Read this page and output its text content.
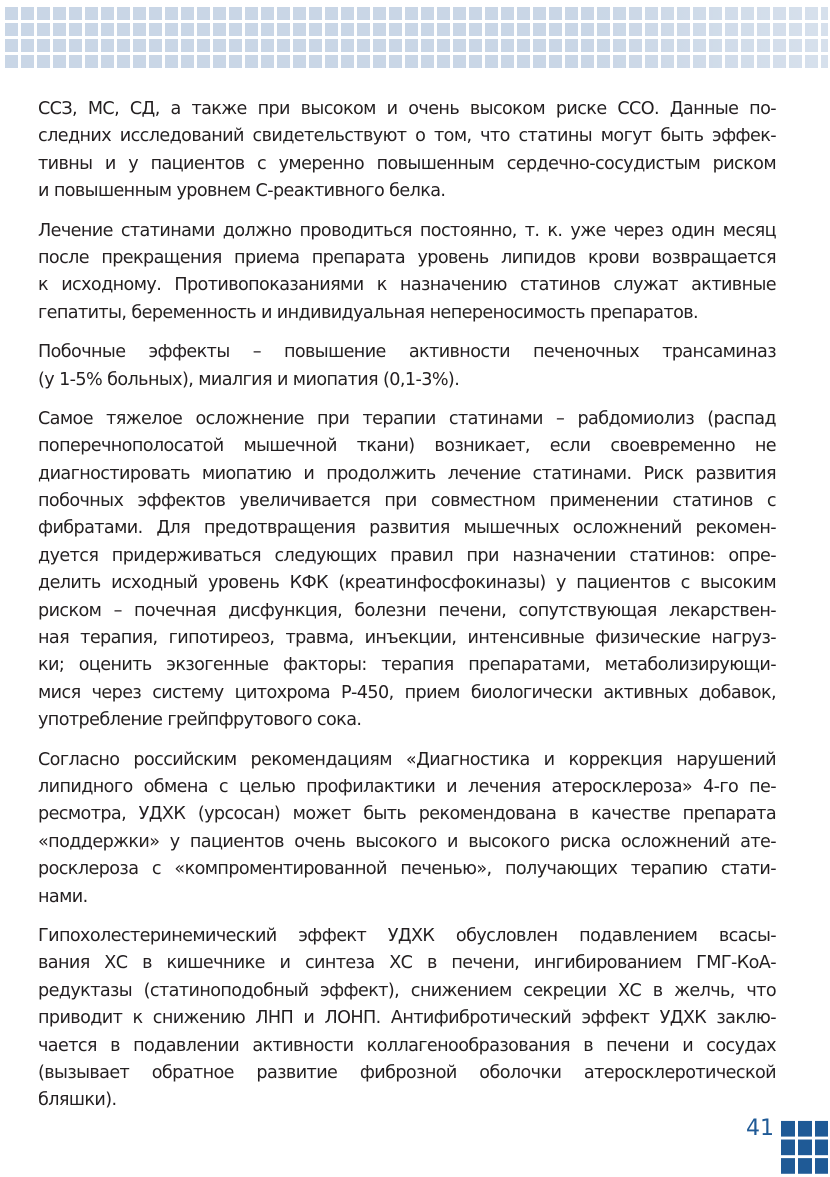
ССЗ, МС, СД, а также при высоком и очень высоком риске ССО. Данные по-
следних исследований свидетельствуют о том, что статины могут быть эффек-
тивны и у пациентов с умеренно повышенным сердечно-сосудистым риском
и повышенным уровнем С-реактивного белка.
Лечение статинами должно проводиться постоянно, т. к. уже через один месяц
после прекращения приема препарата уровень липидов крови возвращается
к исходному. Противопоказаниями к назначению статинов служат активные
гепатиты, беременность и индивидуальная непереносимость препаратов.
Побочные эффекты – повышение активности печеночных трансаминаз
(у 1-5% больных), миалгия и миопатия (0,1-3%).
Самое тяжелое осложнение при терапии статинами – рабдомиолиз (распад
поперечнополосатой мышечной ткани) возникает, если своевременно не
диагностировать миопатию и продолжить лечение статинами. Риск развития
побочных эффектов увеличивается при совместном применении статинов с
фибратами. Для предотвращения развития мышечных осложнений рекомен-
дуется придерживаться следующих правил при назначении статинов: опре-
делить исходный уровень КФК (креатинфосфокиназы) у пациентов с высоким
риском – почечная дисфункция, болезни печени, сопутствующая лекарствен-
ная терапия, гипотиреоз, травма, инъекции, интенсивные физические нагруз-
ки; оценить экзогенные факторы: терапия препаратами, метаболизирующи-
мися через систему цитохрома Р-450, прием биологически активных добавок,
употребление грейпфрутового сока.
Согласно российским рекомендациям «Диагностика и коррекция нарушений
липидного обмена с целью профилактики и лечения атеросклероза» 4-го пе-
ресмотра, УДХК (урсосан) может быть рекомендована в качестве препарата
«поддержки» у пациентов очень высокого и высокого риска осложнений ате-
росклероза с «компроментированной печенью», получающих терапию стати-
нами.
Гипохолестеринемический эффект УДХК обусловлен подавлением всасы-
вания ХС в кишечнике и синтеза ХС в печени, ингибированием ГМГ-КоА-
редуктазы (статиноподобный эффект), снижением секреции ХС в желчь, что
приводит к снижению ЛНП и ЛОНП. Антифибротический эффект УДХК заклю-
чается в подавлении активности коллагенообразования в печени и сосудах
(вызывает обратное развитие фиброзной оболочки атеросклеротической
бляшки).
41
